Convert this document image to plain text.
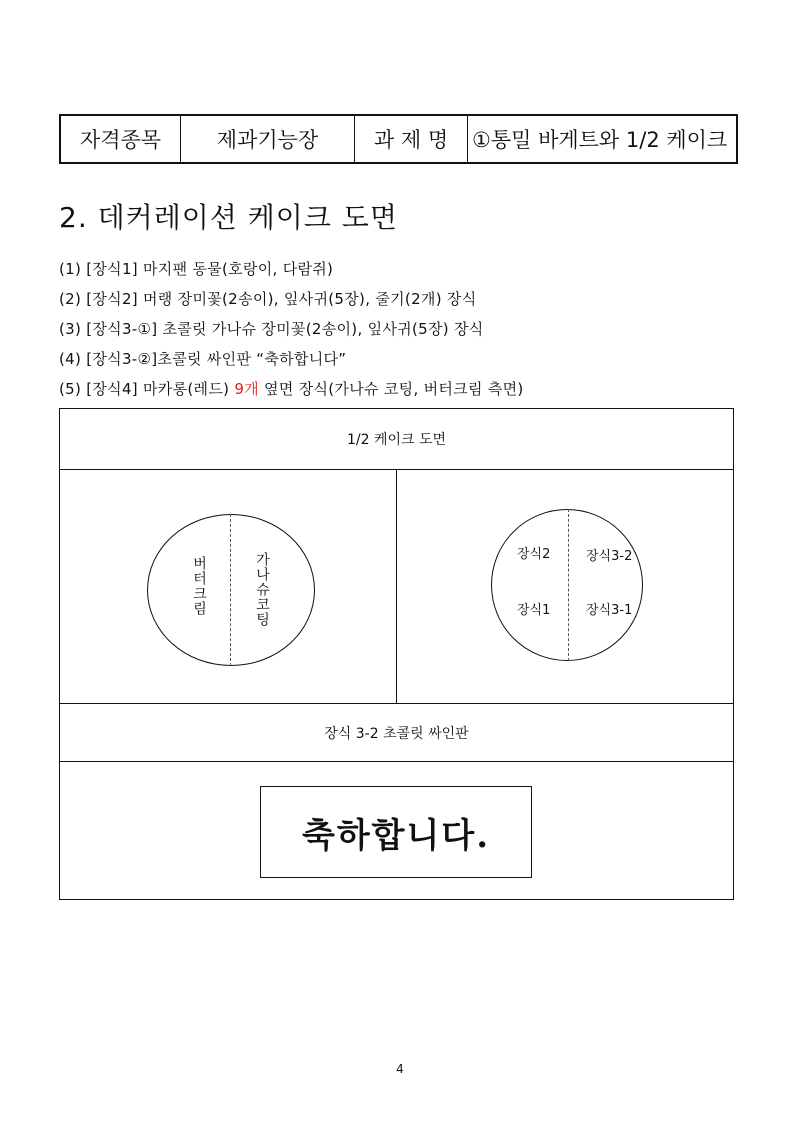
자격종목	제과기능장	과 제 명	①통밀 바게트와 1/2 케이크
2. 데커레이션 케이크 도면
(1) [장식1] 마지팬 동물(호랑이, 다람쥐)
(2) [장식2] 머랭 장미꽃(2송이), 잎사귀(5장), 줄기(2개) 장식
(3) [장식3-①] 초콜릿 가나슈 장미꽃(2송이), 잎사귀(5장) 장식
(4) [장식3-②]초콜릿 싸인판 “축하합니다”
(5) [장식4] 마카롱(레드) 9개 옆면 장식(가나슈 코팅, 버터크림 측면)
1/2 케이크 도면
버터크림	가나슈코팅	장식2	장식3-2
장식1	장식3-1
장식 3-2 초콜릿 싸인판
축하합니다.
4
